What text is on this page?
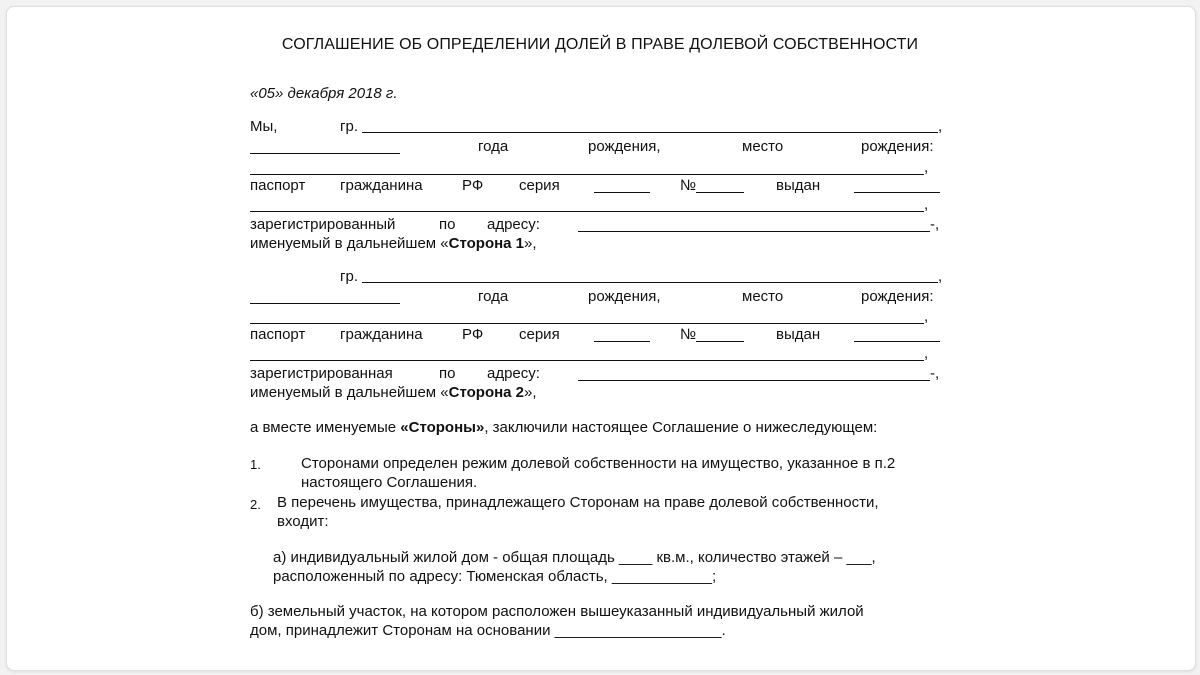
СОГЛАШЕНИЕ ОБ ОПРЕДЕЛЕНИИ ДОЛЕЙ В ПРАВЕ ДОЛЕВОЙ СОБСТВЕННОСТИ
«05» декабря 2018 г.
Мы,	гр.	,
года	рождения,	место	рождения:
,
паспорт гражданина	РФ серия	№	выдан
,
зарегистрированный	по адресу:	-,
именуемый в дальнейшем «Сторона 1»,
гр.	,
года	рождения,	место	рождения:
,
паспорт гражданина	РФ серия	№	выдан
,
зарегистрированная	по адресу:	-,
именуемый в дальнейшем «Сторона 2»,
а вместе именуемые «Стороны», заключили настоящее Соглашение о нижеследующем:
1.	Сторонами определен режим долевой собственности на имущество, указанное в п.2
настоящего Соглашения.
2. В перечень имущества, принадлежащего Сторонам на праве долевой собственности,
входит:
а) индивидуальный жилой дом - общая площадь ____ кв.м., количество этажей – ___,
расположенный по адресу: Тюменская область, ____________;
б) земельный участок, на котором расположен вышеуказанный индивидуальный жилой
дом, принадлежит Сторонам на основании ____________________.
